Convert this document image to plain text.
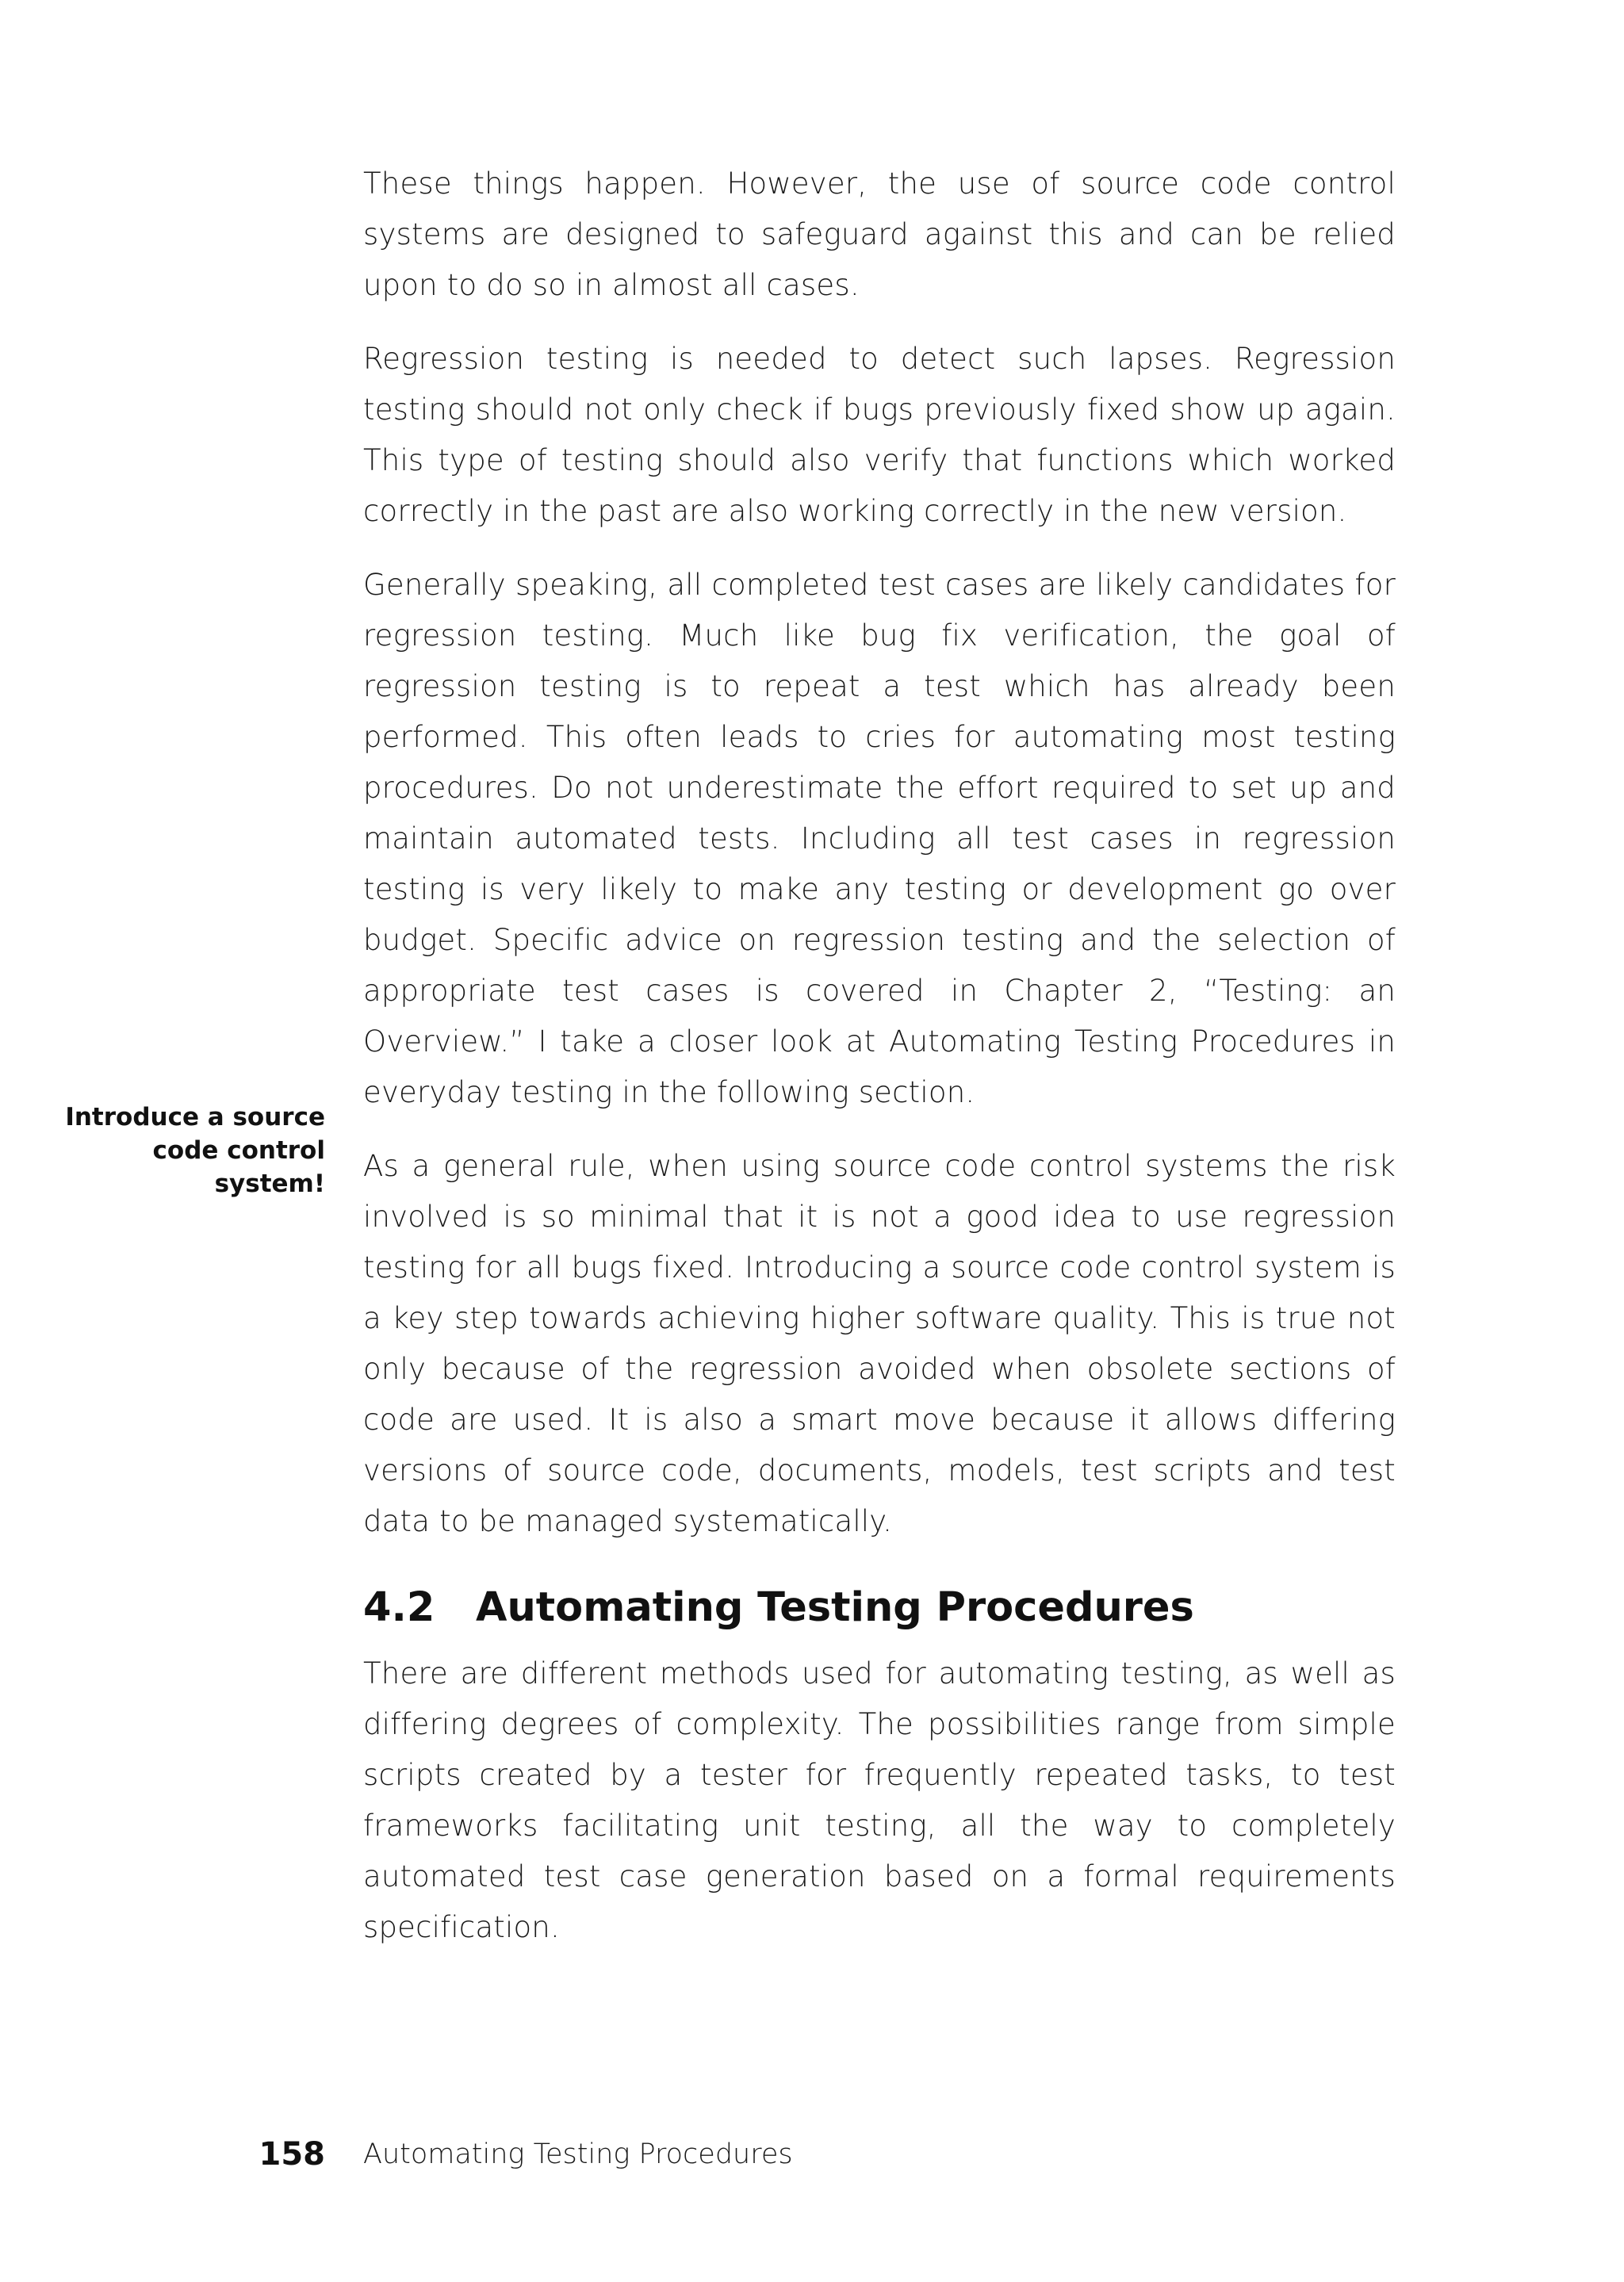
These things happen. However, the use of source code control systems are designed to safeguard against this and can be relied upon to do so in almost all cases.

Regression testing is needed to detect such lapses. Regression testing should not only check if bugs previously fixed show up again. This type of testing should also verify that functions which worked correctly in the past are also working correctly in the new version.

Generally speaking, all completed test cases are likely candidates for regression testing. Much like bug fix verification, the goal of regression testing is to repeat a test which has already been performed. This often leads to cries for automating most testing procedures. Do not underestimate the effort required to set up and maintain automated tests. Including all test cases in regression testing is very likely to make any testing or development go over budget. Specific advice on regression testing and the selection of appropriate test cases is covered in Chapter 2, “Testing: an Overview.” I take a closer look at Automating Testing Procedures in everyday testing in the following section.

As a general rule, when using source code control systems the risk involved is so minimal that it is not a good idea to use regression testing for all bugs fixed. Introducing a source code control system is a key step towards achieving higher software quality. This is true not only because of the regression avoided when obsolete sections of code are used. It is also a smart move because it allows differing versions of source code, documents, models, test scripts and test data to be managed systematically.

4.2	Automating Testing Procedures

There are different methods used for automating testing, as well as differing degrees of complexity. The possibilities range from simple scripts created by a tester for frequently repeated tasks, to test frameworks facilitating unit testing, all the way to completely automated test case generation based on a formal requirements specification.

Introduce a source code control system!
158 Automating Testing Procedures
